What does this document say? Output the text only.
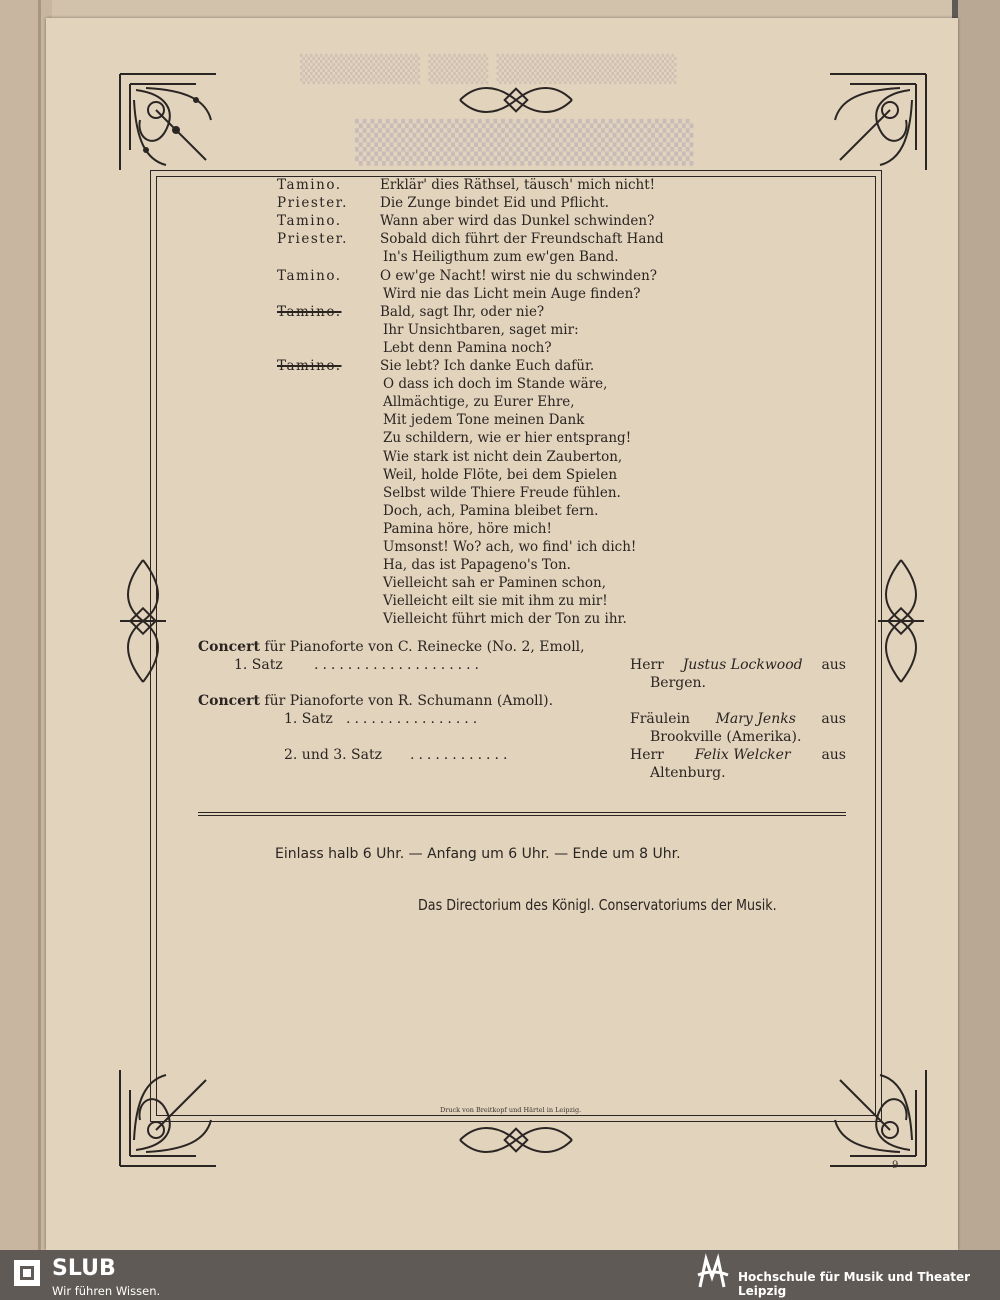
▒▒▒▒▒▒ ▒▒▒ ▒▒▒▒▒▒▒▒▒
▒▒▒▒▒▒▒▒▒▒▒
Tamino.	Erklär' dies Räthsel, täusch' mich nicht!
Priester. Die Zunge bindet Eid und Pflicht.
Tamino.	Wann aber wird das Dunkel schwinden?
Priester. Sobald dich führt der Freundschaft Hand
In's Heiligthum zum ew'gen Band.
Tamino.	O ew'ge Nacht! wirst nie du schwinden?
Wird nie das Licht mein Auge finden?
Tamino.	Bald, sagt Ihr, oder nie?
Ihr Unsichtbaren, saget mir:
Lebt denn Pamina noch?
Tamino.	Sie lebt? Ich danke Euch dafür.
O dass ich doch im Stande wäre,
Allmächtige, zu Eurer Ehre,
Mit jedem Tone meinen Dank
Zu schildern, wie er hier entsprang!
Wie stark ist nicht dein Zauberton,
Weil, holde Flöte, bei dem Spielen
Selbst wilde Thiere Freude fühlen.
Doch, ach, Pamina bleibet fern.
Pamina höre, höre mich!
Umsonst! Wo? ach, wo find' ich dich!
Ha, das ist Papageno's Ton.
Vielleicht sah er Paminen schon,
Vielleicht eilt sie mit ihm zu mir!
Vielleicht führt mich der Ton zu ihr.
Concert für Pianoforte von C. Reinecke (No. 2, Emoll,
1. Satz ....................	Herr Justus Lockwood aus
Bergen.
Concert für Pianoforte von R. Schumann (Amoll).
1. Satz ................	Fräulein Mary Jenks aus
Brookville (Amerika).
2. und 3. Satz ............	Herr Felix Welcker aus
Altenburg.
Einlass halb 6 Uhr. — Anfang um 6 Uhr. — Ende um 8 Uhr.
Das Directorium des Königl. Conservatoriums der Musik.
Druck von Breitkopf und Härtel in Leipzig.
9
SLUB
Wir führen Wissen.
Hochschule für Musik und Theater Leipzig
